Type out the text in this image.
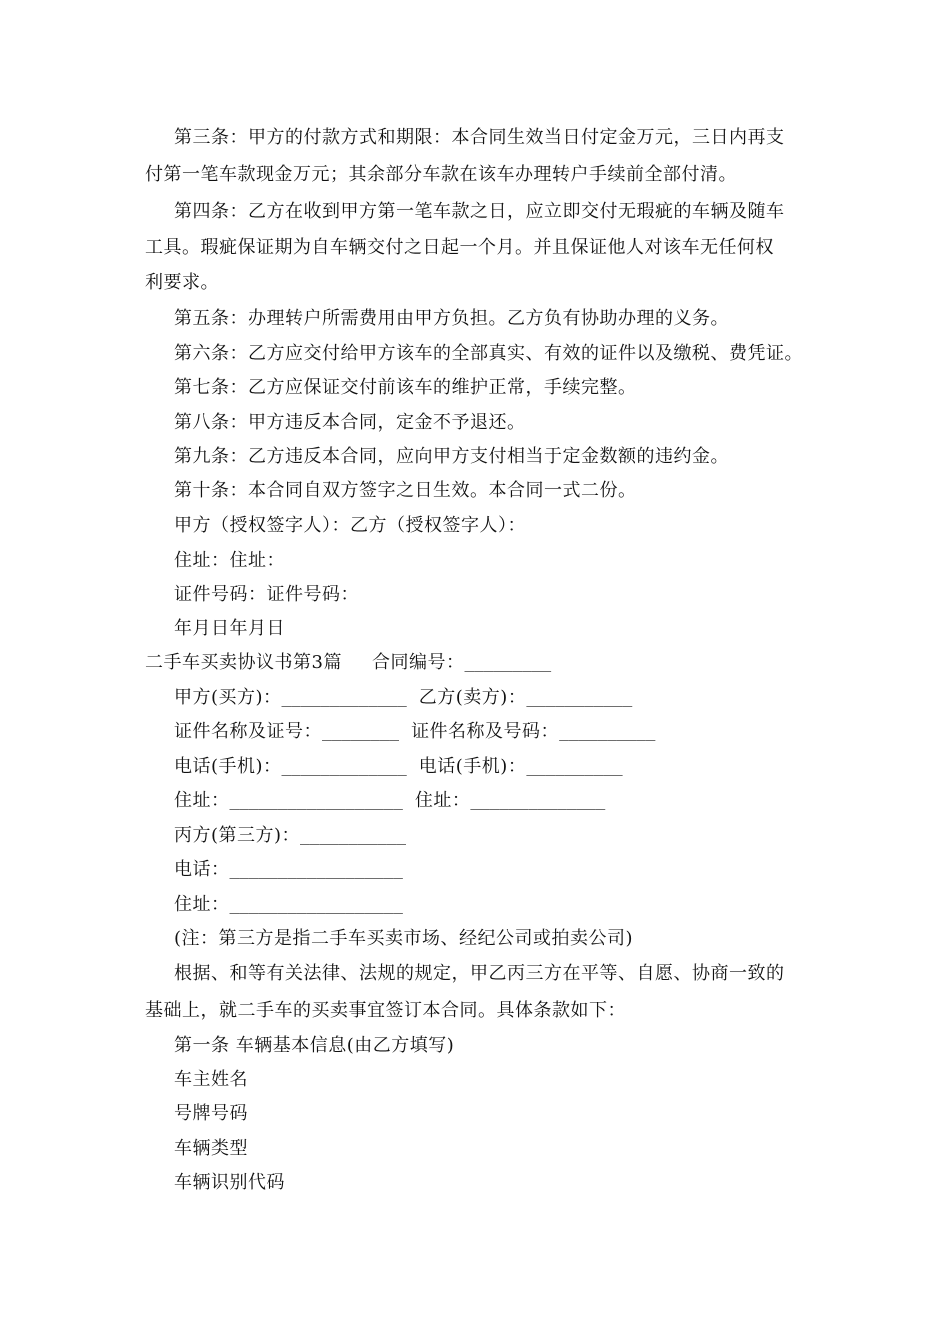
第三条：甲方的付款方式和期限：本合同生效当日付定金万元，三日内再支
付第一笔车款现金万元；其余部分车款在该车办理转户手续前全部付清。
第四条：乙方在收到甲方第一笔车款之日，应立即交付无瑕疵的车辆及随车
工具。瑕疵保证期为自车辆交付之日起一个月。并且保证他人对该车无任何权
利要求。
第五条：办理转户所需费用由甲方负担。乙方负有协助办理的义务。
第六条：乙方应交付给甲方该车的全部真实、有效的证件以及缴税、费凭证。
第七条：乙方应保证交付前该车的维护正常，手续完整。
第八条：甲方违反本合同，定金不予退还。
第九条：乙方违反本合同，应向甲方支付相当于定金数额的违约金。
第十条：本合同自双方签字之日生效。本合同一式二份。
甲方（授权签字人）：乙方（授权签字人）：
住址：住址：
证件号码：证件号码：
年月日年月日
二手车买卖协议书第3篇 合同编号：_________
甲方(买方)：_____________ 乙方(卖方)：___________
证件名称及证号：________ 证件名称及号码：__________
电话(手机)：_____________ 电话(手机)：__________
住址：__________________ 住址：______________
丙方(第三方)：___________
电话：__________________
住址：__________________
(注：第三方是指二手车买卖市场、经纪公司或拍卖公司)
根据、和等有关法律、法规的规定，甲乙丙三方在平等、自愿、协商一致的
基础上，就二手车的买卖事宜签订本合同。具体条款如下：
第一条 车辆基本信息(由乙方填写)
车主姓名
号牌号码
车辆类型
车辆识别代码
